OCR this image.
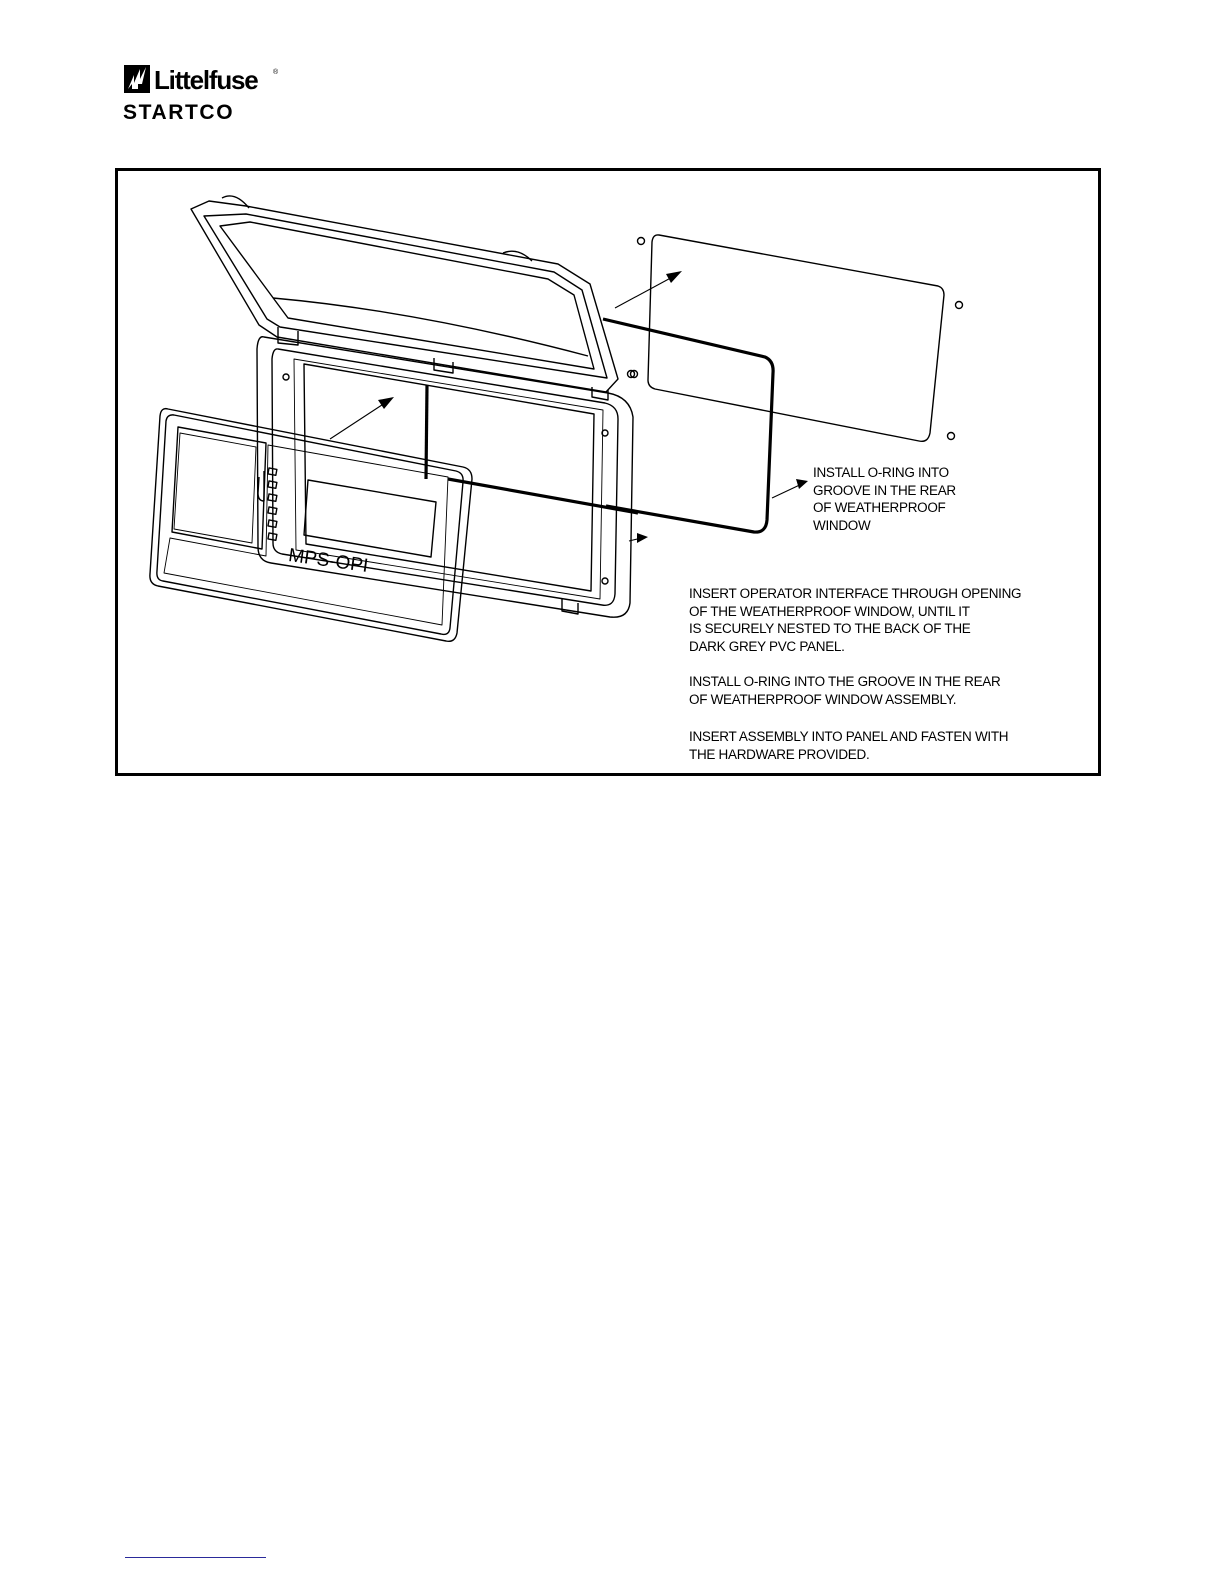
Littelfuse ®
STARTCO
MPS-OPI
INSTALL O-RING INTO
GROOVE IN THE REAR
OF WEATHERPROOF
WINDOW
INSERT OPERATOR INTERFACE THROUGH OPENING
OF THE WEATHERPROOF WINDOW, UNTIL IT
IS SECURELY NESTED TO THE BACK OF THE
DARK GREY PVC PANEL.
INSTALL O-RING INTO THE GROOVE IN THE REAR
OF WEATHERPROOF WINDOW ASSEMBLY.
INSERT ASSEMBLY INTO PANEL AND FASTEN WITH
THE HARDWARE PROVIDED.
